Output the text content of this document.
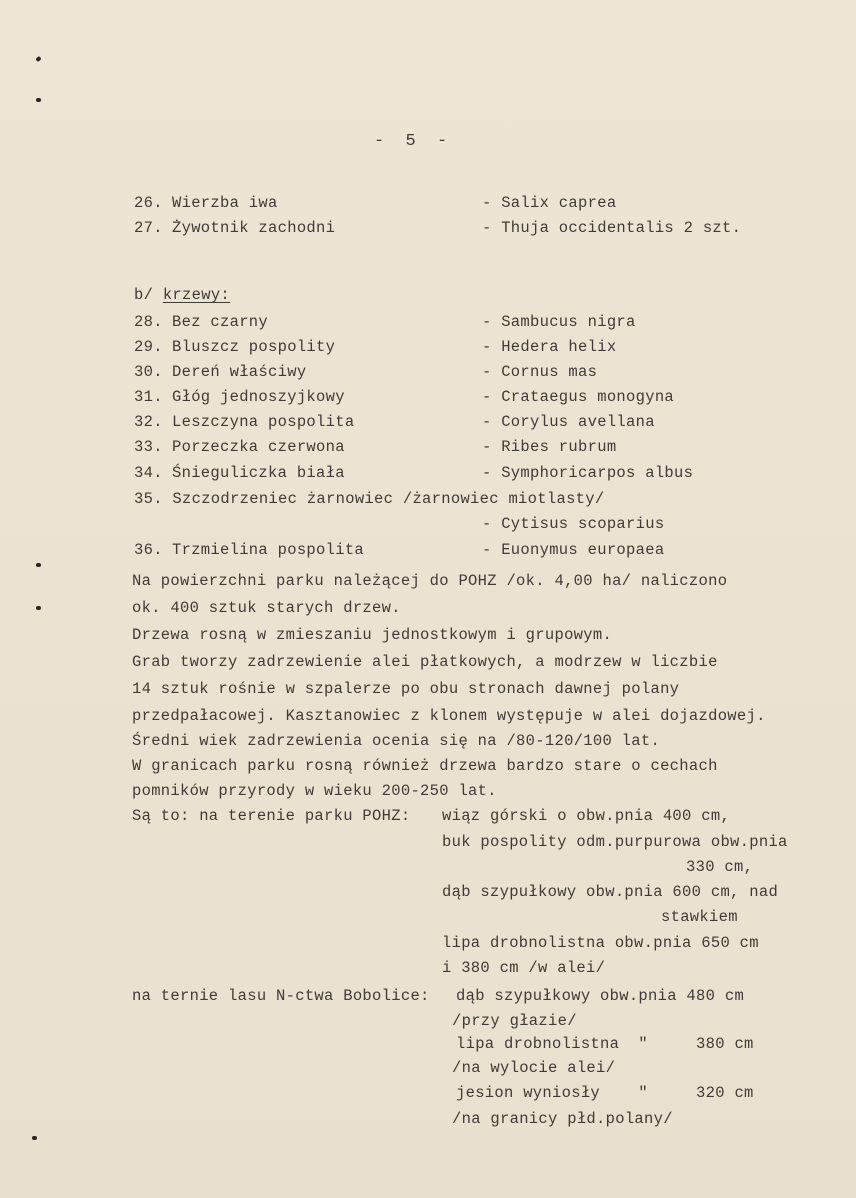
-  5  -
26. Wierzba iwa	- Salix caprea
27. Żywotnik zachodni	- Thuja occidentalis 2 szt.
b/ krzewy:
28. Bez czarny	- Sambucus nigra
29. Bluszcz pospolity	- Hedera helix
30. Dereń właściwy	- Cornus mas
31. Głóg jednoszyjkowy	- Crataegus monogyna
32. Leszczyna pospolita	- Corylus avellana
33. Porzeczka czerwona	- Ribes rubrum
34. Śnieguliczka biała	- Symphoricarpos albus
35. Szczodrzeniec żarnowiec /żarnowiec miotlasty/
- Cytisus scoparius
36. Trzmielina pospolita	- Euonymus europaea
Na powierzchni parku należącej do POHZ /ok. 4,00 ha/ naliczono
ok. 400 sztuk starych drzew.
Drzewa rosną w zmieszaniu jednostkowym i grupowym.
Grab tworzy zadrzewienie alei płatkowych, a modrzew w liczbie
14 sztuk rośnie w szpalerze po obu stronach dawnej polany
przedpałacowej. Kasztanowiec z klonem występuje w alei dojazdowej.
Średni wiek zadrzewienia ocenia się na /80-120/100 lat.
W granicach parku rosną również drzewa bardzo stare o cechach
pomników przyrody w wieku 200-250 lat.
Są to: na terenie parku POHZ: wiąz górski o obw.pnia 400 cm,
buk pospolity odm.purpurowa obw.pnia
330 cm,
dąb szypułkowy obw.pnia 600 cm, nad
stawkiem
lipa drobnolistna obw.pnia 650 cm
i 380 cm /w alei/
na ternie lasu N-ctwa Bobolice: dąb szypułkowy obw.pnia 480 cm
/przy głazie/
lipa drobnolistna  "     380 cm
/na wylocie alei/
jesion wyniosły    "     320 cm
/na granicy płd.polany/
